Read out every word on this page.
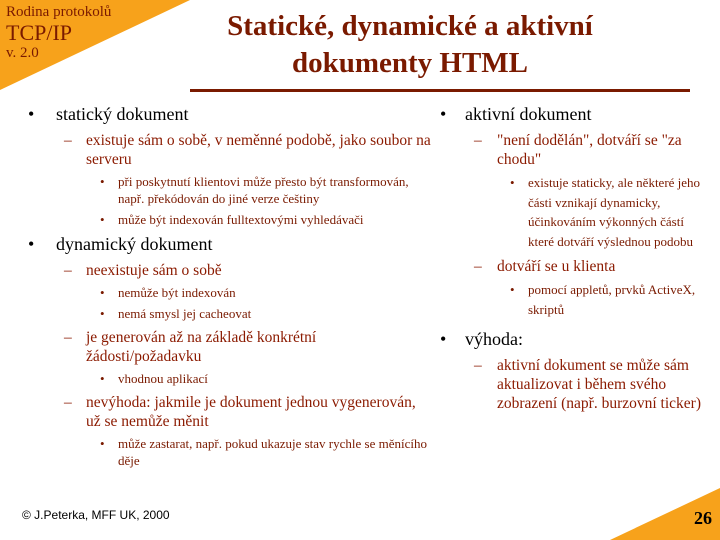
Rodina protokolů
TCP/IP
v. 2.0
Statické, dynamické a aktivní
dokumenty HTML
• statický dokument
– existuje sám o sobě, v neměnné podobě, jako soubor na serveru
• při poskytnutí klientovi může přesto být transformován, např. překódován do jiné verze češtiny
• může být indexován fulltextovými vyhledávači
• dynamický dokument
– neexistuje sám o sobě
• nemůže být indexován
• nemá smysl jej cacheovat
– je generován až na základě konkrétní žádosti/požadavku
• vhodnou aplikací
– nevýhoda: jakmile je dokument jednou vygenerován, už se nemůže měnit
• může zastarat, např. pokud ukazuje stav rychle se měnícího děje
• aktivní dokument
– "není dodělán", dotváří se "za chodu"
• existuje staticky, ale některé jeho části vznikají dynamicky, účinkováním výkonných částí které dotváří výslednou podobu
– dotváří se u klienta
• pomocí appletů, prvků ActiveX, skriptů
• výhoda:
– aktivní dokument se může sám aktualizovat i během svého zobrazení (např. burzovní ticker)
© J.Peterka, MFF UK, 2000	26
